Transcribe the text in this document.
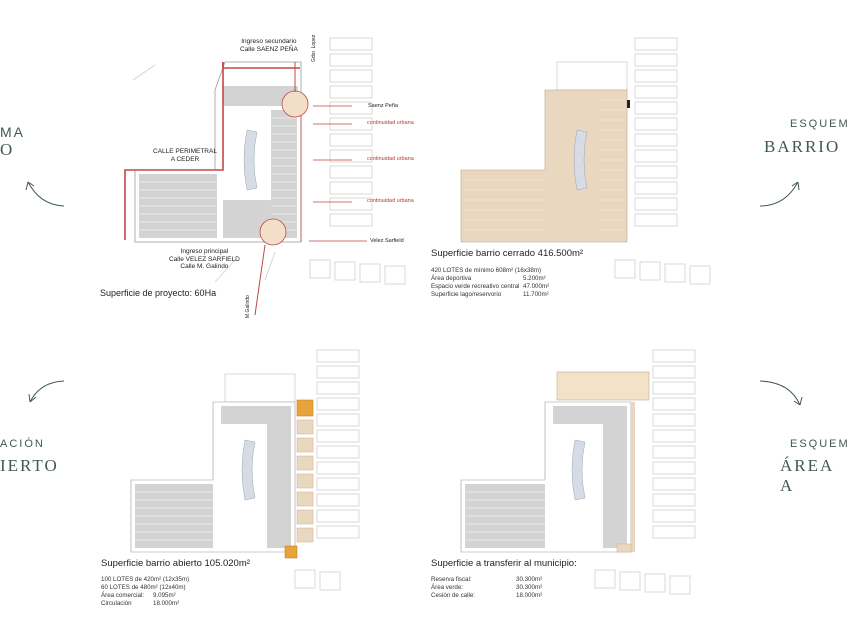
MA
O
ESQUEM
BARRIO
ACIÓN
IERTO
ESQUEM
ÁREA A
Ingreso secundario
Calle SAENZ PEÑA	Gdor. Lopez
Saenz Peña
continuidad urbana
continuidad urbana
continuidad urbana
CALLE PERIMETRAL
A CEDER
Ingreso principal
Calle VELEZ SARFIELD
Calle M. Galindo
Velez Sarfield
M.Galindo
Superficie de proyecto: 60Ha
Superficie barrio cerrado 416.500m²
420 LOTES de mínimo 608m² (16x38m)
Área deportiva	5.200m²
Espacio verde recreativo central 47.000m²
Superficie lago/reservorio	11.700m²
Superficie barrio abierto 105.020m²
100 LOTES de 420m² (12x35m)
60 LOTES de 480m² (12x40m)
Área comercial: 9.095m²
Circulación	18.000m²
Superficie a transferir al municipio:
Reserva fiscal:	30.300m²
Área verde:	30.300m²
Cesión de calle:	18.000m²
